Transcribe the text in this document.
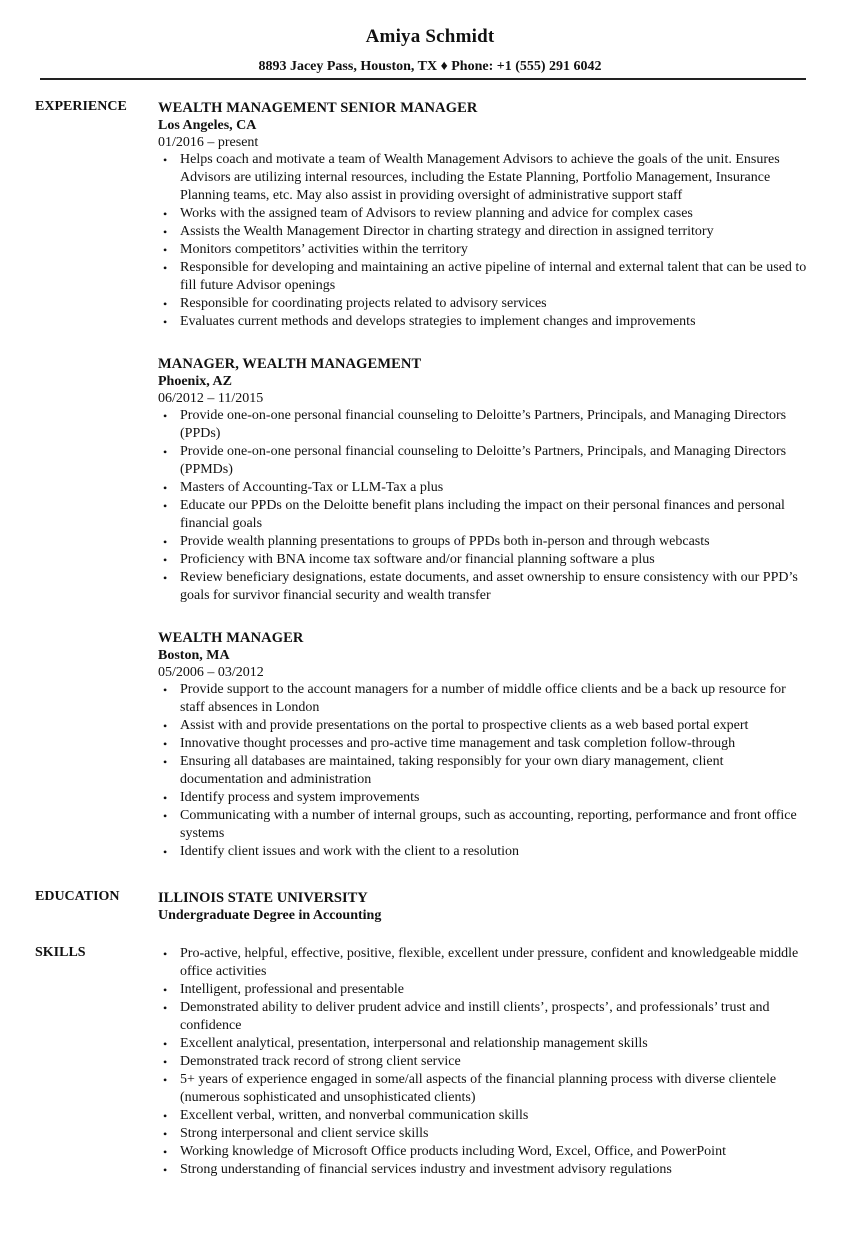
Amiya Schmidt
8893 Jacey Pass, Houston, TX ♦ Phone: +1 (555) 291 6042
EXPERIENCE WEALTH MANAGEMENT SENIOR MANAGER
Los Angeles, CA
01/2016 – present
• Helps coach and motivate a team of Wealth Management Advisors to achieve the goals of the unit. Ensures Advisors are utilizing internal resources, including the Estate Planning, Portfolio Management, Insurance Planning teams, etc. May also assist in providing oversight of administrative support staff
• Works with the assigned team of Advisors to review planning and advice for complex cases
• Assists the Wealth Management Director in charting strategy and direction in assigned territory
• Monitors competitors’ activities within the territory
• Responsible for developing and maintaining an active pipeline of internal and external talent that can be used to fill future Advisor openings
• Responsible for coordinating projects related to advisory services
• Evaluates current methods and develops strategies to implement changes and improvements
MANAGER, WEALTH MANAGEMENT
Phoenix, AZ
06/2012 – 11/2015
• Provide one-on-one personal financial counseling to Deloitte’s Partners, Principals, and Managing Directors (PPDs)
• Provide one-on-one personal financial counseling to Deloitte’s Partners, Principals, and Managing Directors (PPMDs)
• Masters of Accounting-Tax or LLM-Tax a plus
• Educate our PPDs on the Deloitte benefit plans including the impact on their personal finances and personal financial goals
• Provide wealth planning presentations to groups of PPDs both in-person and through webcasts
• Proficiency with BNA income tax software and/or financial planning software a plus
• Review beneficiary designations, estate documents, and asset ownership to ensure consistency with our PPD’s goals for survivor financial security and wealth transfer
WEALTH MANAGER
Boston, MA
05/2006 – 03/2012
• Provide support to the account managers for a number of middle office clients and be a back up resource for staff absences in London
• Assist with and provide presentations on the portal to prospective clients as a web based portal expert
• Innovative thought processes and pro-active time management and task completion follow-through
• Ensuring all databases are maintained, taking responsibly for your own diary management, client documentation and administration
• Identify process and system improvements
• Communicating with a number of internal groups, such as accounting, reporting, performance and front office systems
• Identify client issues and work with the client to a resolution
EDUCATION	ILLINOIS STATE UNIVERSITY
Undergraduate Degree in Accounting
SKILLS	• Pro-active, helpful, effective, positive, flexible, excellent under pressure, confident and knowledgeable middle office activities
• Intelligent, professional and presentable
• Demonstrated ability to deliver prudent advice and instill clients’, prospects’, and professionals’ trust and confidence
• Excellent analytical, presentation, interpersonal and relationship management skills
• Demonstrated track record of strong client service
• 5+ years of experience engaged in some/all aspects of the financial planning process with diverse clientele (numerous sophisticated and unsophisticated clients)
• Excellent verbal, written, and nonverbal communication skills
• Strong interpersonal and client service skills
• Working knowledge of Microsoft Office products including Word, Excel, Office, and PowerPoint
• Strong understanding of financial services industry and investment advisory regulations
